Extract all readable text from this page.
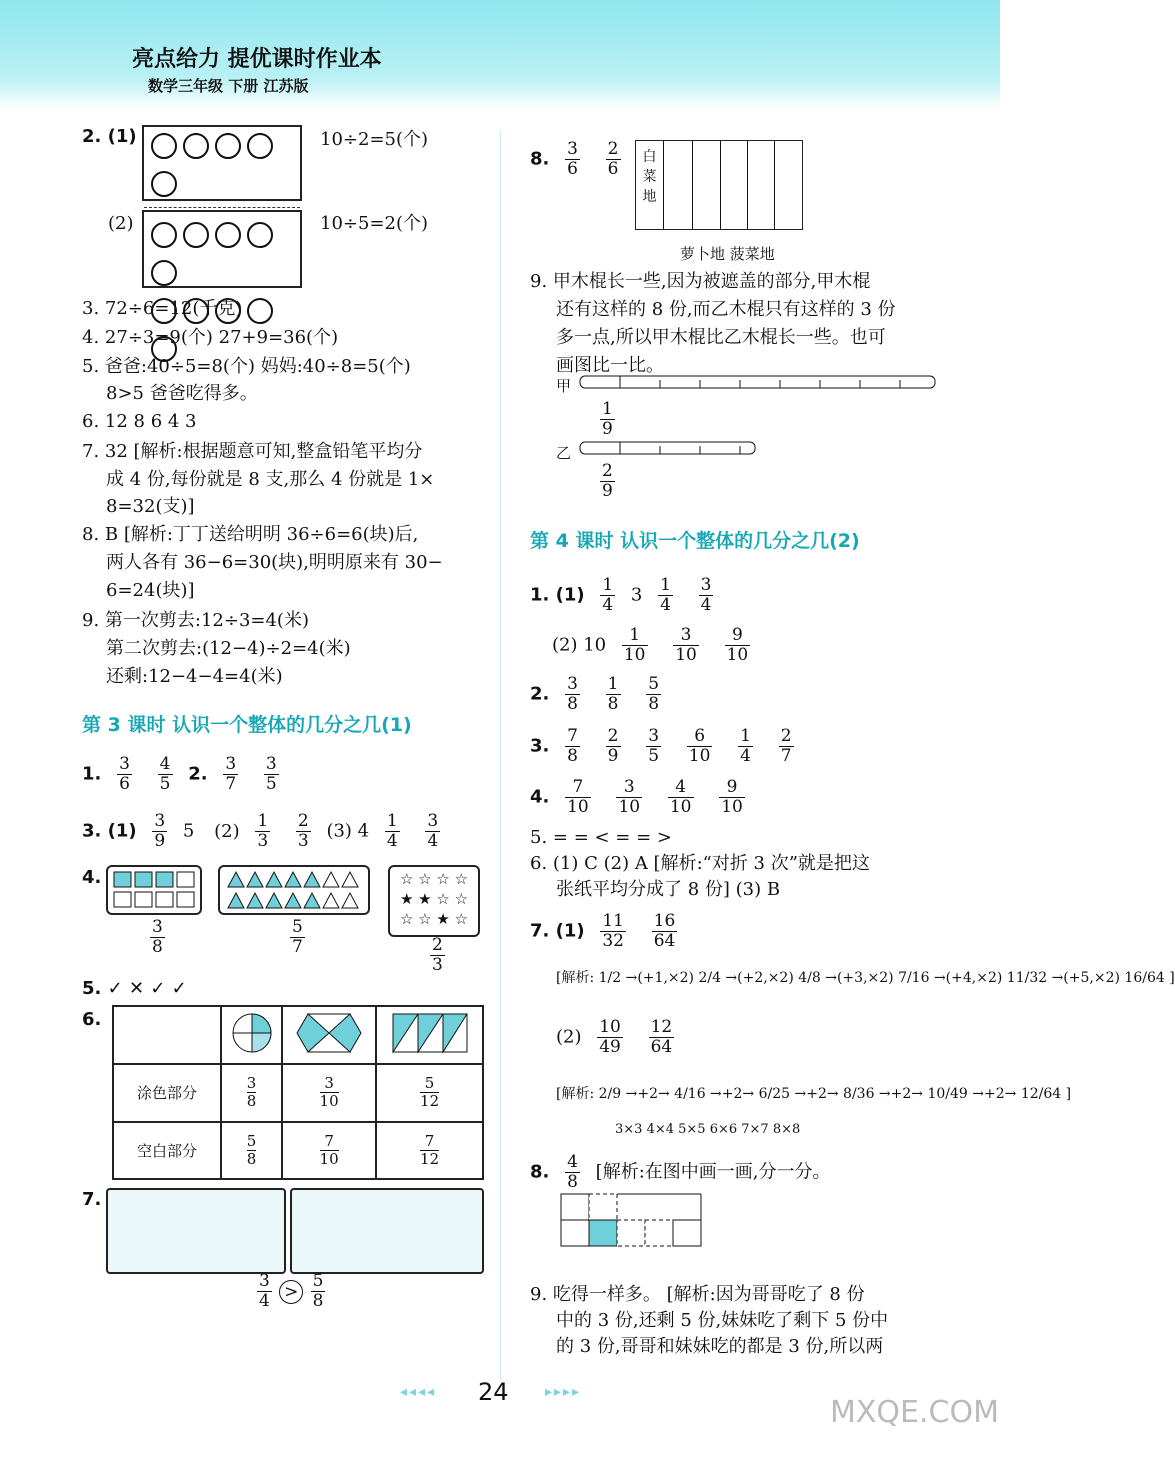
亮点给力 提优课时作业本
数学三年级 下册 江苏版
2. (1)	10÷2=5(个)
(2)	10÷5=2(个)
3. 72÷6=12(千克)
4. 27÷3=9(个) 27+9=36(个)
5. 爸爸:40÷5=8(个) 妈妈:40÷8=5(个)
8>5 爸爸吃得多。
6. 12 8 6 4 3
7. 32 [解析:根据题意可知,整盒铅笔平均分
成 4 份,每份就是 8 支,那么 4 份就是 1×
8=32(支)]
8. B [解析:丁丁送给明明 36÷6=6(块)后,
两人各有 36−6=30(块),明明原来有 30−
6=24(块)]
9. 第一次剪去:12÷3=4(米)
第二次剪去:(12−4)÷2=4(米)
还剩:12−4−4=4(米)
第 3 课时 认识一个整体的几分之几(1)
1. $\frac{3}{6}$
$\frac{4}{5} 2$. $\frac{3}{7}$
$\frac{3}{5}$
3. $(1) \frac{3}{9} 5$ $(2) \frac{1}{3}$
$\frac{2}{3} (3)$ $4 \frac{1}{4}$
$\frac{3}{4}$
4.
$\frac{3}{8}$	$\frac{5}{7}$
☆ ☆ ☆ ☆
★ ★ ☆ ☆
☆ ☆ ★ ☆
$\frac{2}{3}$
5. ✓ ✕ ✓ ✓
6.

涂色部分	$\frac{3}{8}$	$\frac{3}{10}$	$\frac{5}{12}$

空白部分	$\frac{5}{8}$	$\frac{7}{10}$	$\frac{7}{12}$
7.
$\frac{3}{4} > \frac{5}{8}$
8. $\frac{3}{6}$
$\frac{2}{6}$	白菜地
萝卜地 菠菜地
9. 甲木棍长一些,因为被遮盖的部分,甲木棍
还有这样的 8 份,而乙木棍只有这样的 3 份
多一点,所以甲木棍比乙木棍长一些。也可
画图比一比。
甲
$\frac{1}{9}$
乙
$\frac{2}{9}$
第 4 课时 认识一个整体的几分之几(2)
1. $(1) \frac{1}{4} 3 \frac{1}{4}$
$\frac{3}{4}$
(2) $10 \frac{1}{10}$
$\frac{3}{10}$
$\frac{9}{10}$
2. $\frac{3}{8}$
$\frac{1}{8}$
$\frac{5}{8}$
3. $\frac{7}{8}$
$\frac{2}{9}$
$\frac{3}{5}$
$\frac{6}{10}$
$\frac{1}{4}$
$\frac{2}{7}$
4. $\frac{7}{10}$
$\frac{3}{10}$
$\frac{4}{10}$
$\frac{9}{10}$
5. = = < = = >
6. (1) C (2) A [解析:“对折 3 次”就是把这
张纸平均分成了 8 份] (3) B
7. $(1) \frac{11}{32}$
$\frac{16}{64}$
[解析: 1/2 →(+1,×2) 2/4 →(+2,×2) 4/8 →(+3,×2) 7/16 →(+4,×2) 11/32 →(+5,×2) 16/64 ]
$(2) \frac{10}{49}$
$\frac{12}{64}$
[解析: 2/9 →+2→ 4/16 →+2→ 6/25 →+2→ 8/36 →+2→ 10/49 →+2→ 12/64 ]
3×3 4×4 5×5 6×6 7×7 8×8
8. $\frac{4}{8}$ [解析:在图中画一画,分一分。
9. 吃得一样多。 [解析:因为哥哥吃了 8 份
中的 3 份,还剩 5 份,妹妹吃了剩下 5 份中
的 3 份,哥哥和妹妹吃的都是 3 份,所以两
◂◂◂◂ 24	▸▸▸▸
MXQE.COM
